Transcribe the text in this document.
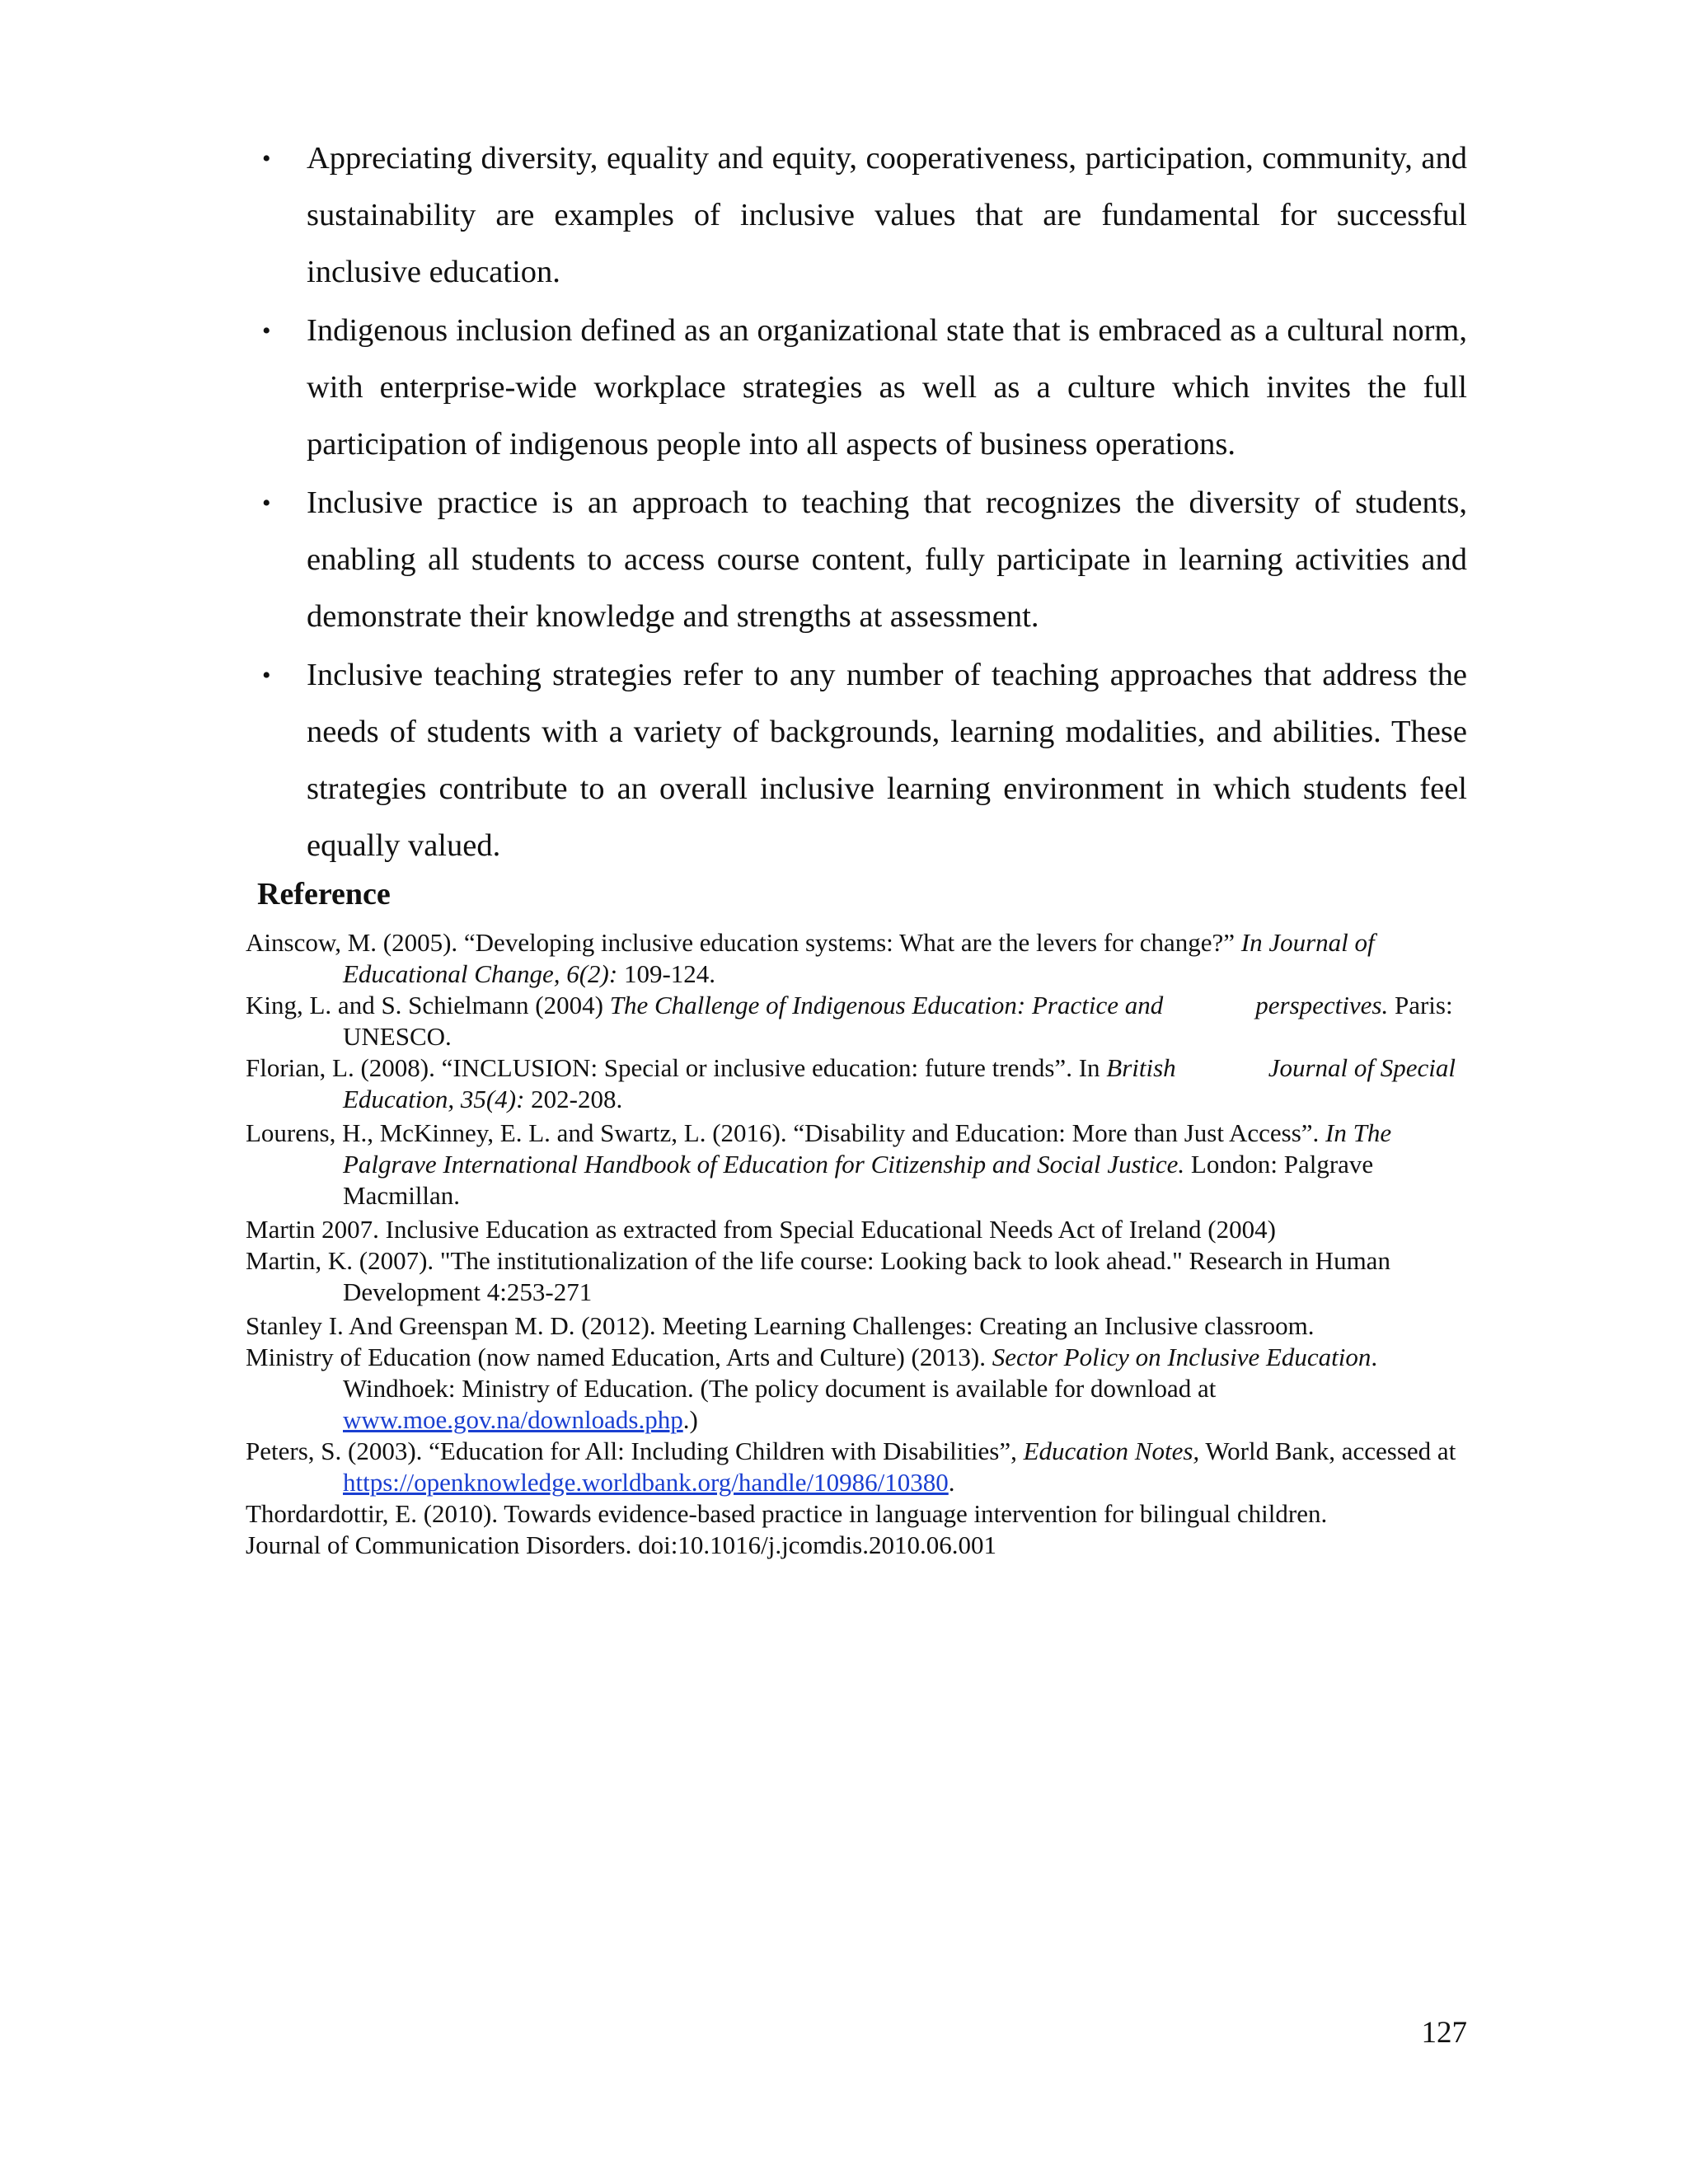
• Appreciating diversity, equality and equity, cooperativeness, participation, community, and sustainability are examples of inclusive values that are fundamental for successful inclusive education.
• Indigenous inclusion defined as an organizational state that is embraced as a cultural norm, with enterprise-wide workplace strategies as well as a culture which invites the full participation of indigenous people into all aspects of business operations.
• Inclusive practice is an approach to teaching that recognizes the diversity of students, enabling all students to access course content, fully participate in learning activities and demonstrate their knowledge and strengths at assessment.
• Inclusive teaching strategies refer to any number of teaching approaches that address the needs of students with a variety of backgrounds, learning modalities, and abilities. These strategies contribute to an overall inclusive learning environment in which students feel equally valued.
Reference
Ainscow, M. (2005). “Developing inclusive education systems: What are the levers for change?” In Journal of Educational Change, 6(2): 109-124.
King, L. and S. Schielmann (2004) The Challenge of Indigenous Education: Practice and	perspectives. Paris: UNESCO.
Florian, L. (2008). “INCLUSION: Special or inclusive education: future trends”. In British	Journal of Special Education, 35(4): 202-208.
Lourens, H., McKinney, E. L. and Swartz, L. (2016). “Disability and Education: More than Just Access”. In The Palgrave International Handbook of Education for Citizenship and Social Justice. London: Palgrave Macmillan.
Martin 2007. Inclusive Education as extracted from Special Educational Needs Act of Ireland (2004)
Martin, K. (2007). "The institutionalization of the life course: Looking back to look ahead." Research in Human Development 4:253-271
Stanley I. And Greenspan M. D. (2012). Meeting Learning Challenges: Creating an Inclusive classroom.
Ministry of Education (now named Education, Arts and Culture) (2013). Sector Policy on Inclusive Education. Windhoek: Ministry of Education. (The policy document is available for download at www.moe.gov.na/downloads.php.)
Peters, S. (2003). “Education for All: Including Children with Disabilities”, Education Notes, World Bank, accessed at https://openknowledge.worldbank.org/handle/10986/10380.
Thordardottir, E. (2010). Towards evidence-based practice in language intervention for bilingual children.
Journal of Communication Disorders. doi:10.1016/j.jcomdis.2010.06.001
127
